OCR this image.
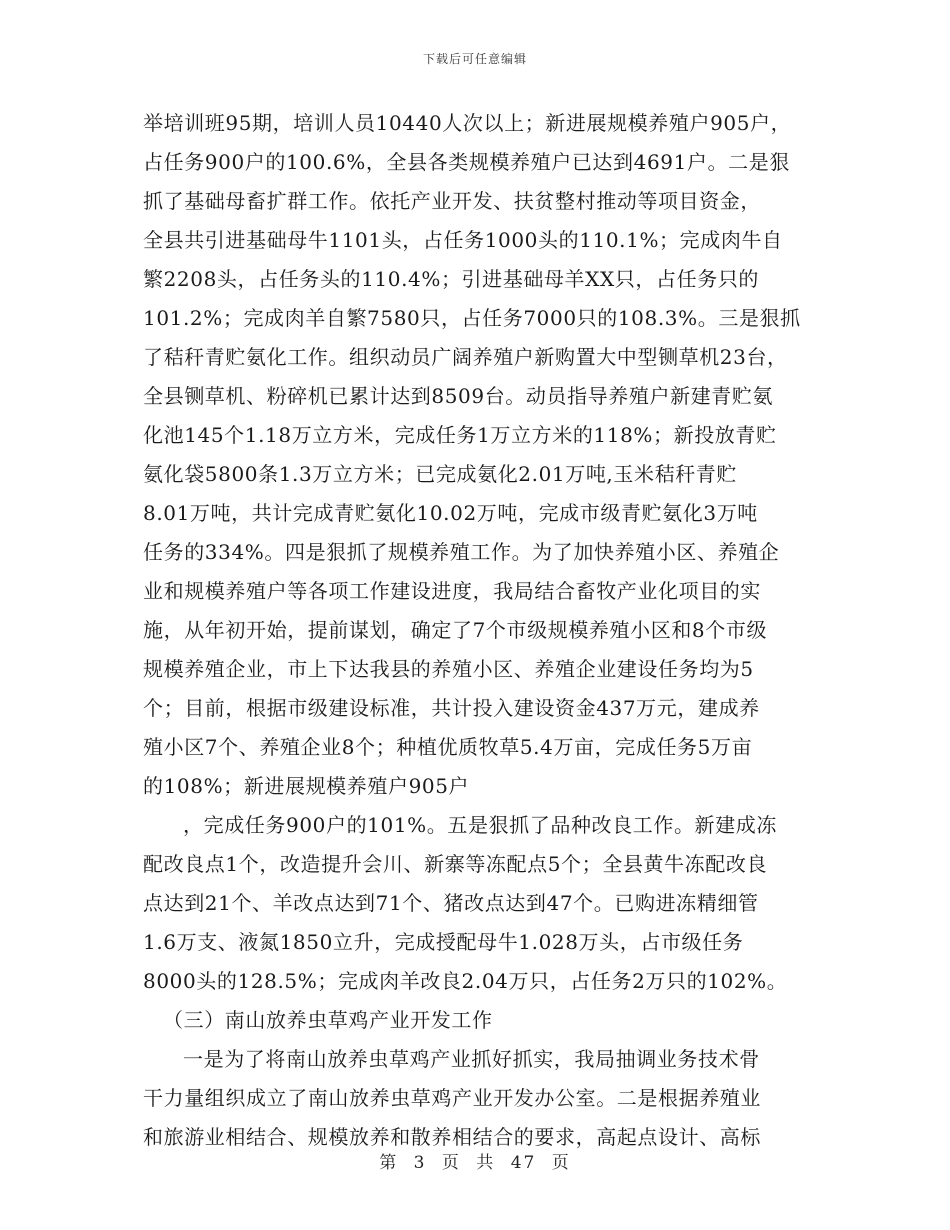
下载后可任意编辑
举培训班95期，培训人员10440人次以上；新进展规模养殖户905户，
占任务900户的100.6%，全县各类规模养殖户已达到4691户。二是狠
抓了基础母畜扩群工作。依托产业开发、扶贫整村推动等项目资金，
全县共引进基础母牛1101头，占任务1000头的110.1%；完成肉牛自
繁2208头，占任务头的110.4%；引进基础母羊XX只，占任务只的
101.2%；完成肉羊自繁7580只，占任务7000只的108.3%。三是狠抓
了秸秆青贮氨化工作。组织动员广阔养殖户新购置大中型铡草机23台，
全县铡草机、粉碎机已累计达到8509台。动员指导养殖户新建青贮氨
化池145个1.18万立方米，完成任务1万立方米的118%；新投放青贮
氨化袋5800条1.3万立方米；已完成氨化2.01万吨,玉米秸秆青贮
8.01万吨，共计完成青贮氨化10.02万吨，完成市级青贮氨化3万吨
任务的334%。四是狠抓了规模养殖工作。为了加快养殖小区、养殖企
业和规模养殖户等各项工作建设进度，我局结合畜牧产业化项目的实
施，从年初开始，提前谋划，确定了7个市级规模养殖小区和8个市级
规模养殖企业，市上下达我县的养殖小区、养殖企业建设任务均为5
个；目前，根据市级建设标准，共计投入建设资金437万元，建成养
殖小区7个、养殖企业8个；种植优质牧草5.4万亩，完成任务5万亩
的108%；新进展规模养殖户905户
，完成任务900户的101%。五是狠抓了品种改良工作。新建成冻
配改良点1个，改造提升会川、新寨等冻配点5个；全县黄牛冻配改良
点达到21个、羊改点达到71个、猪改点达到47个。已购进冻精细管
1.6万支、液氮1850立升，完成授配母牛1.028万头，占市级任务
8000头的128.5%；完成肉羊改良2.04万只，占任务2万只的102%。
（三）南山放养虫草鸡产业开发工作
一是为了将南山放养虫草鸡产业抓好抓实，我局抽调业务技术骨
干力量组织成立了南山放养虫草鸡产业开发办公室。二是根据养殖业
和旅游业相结合、规模放养和散养相结合的要求，高起点设计、高标
第 3 页 共 47 页
